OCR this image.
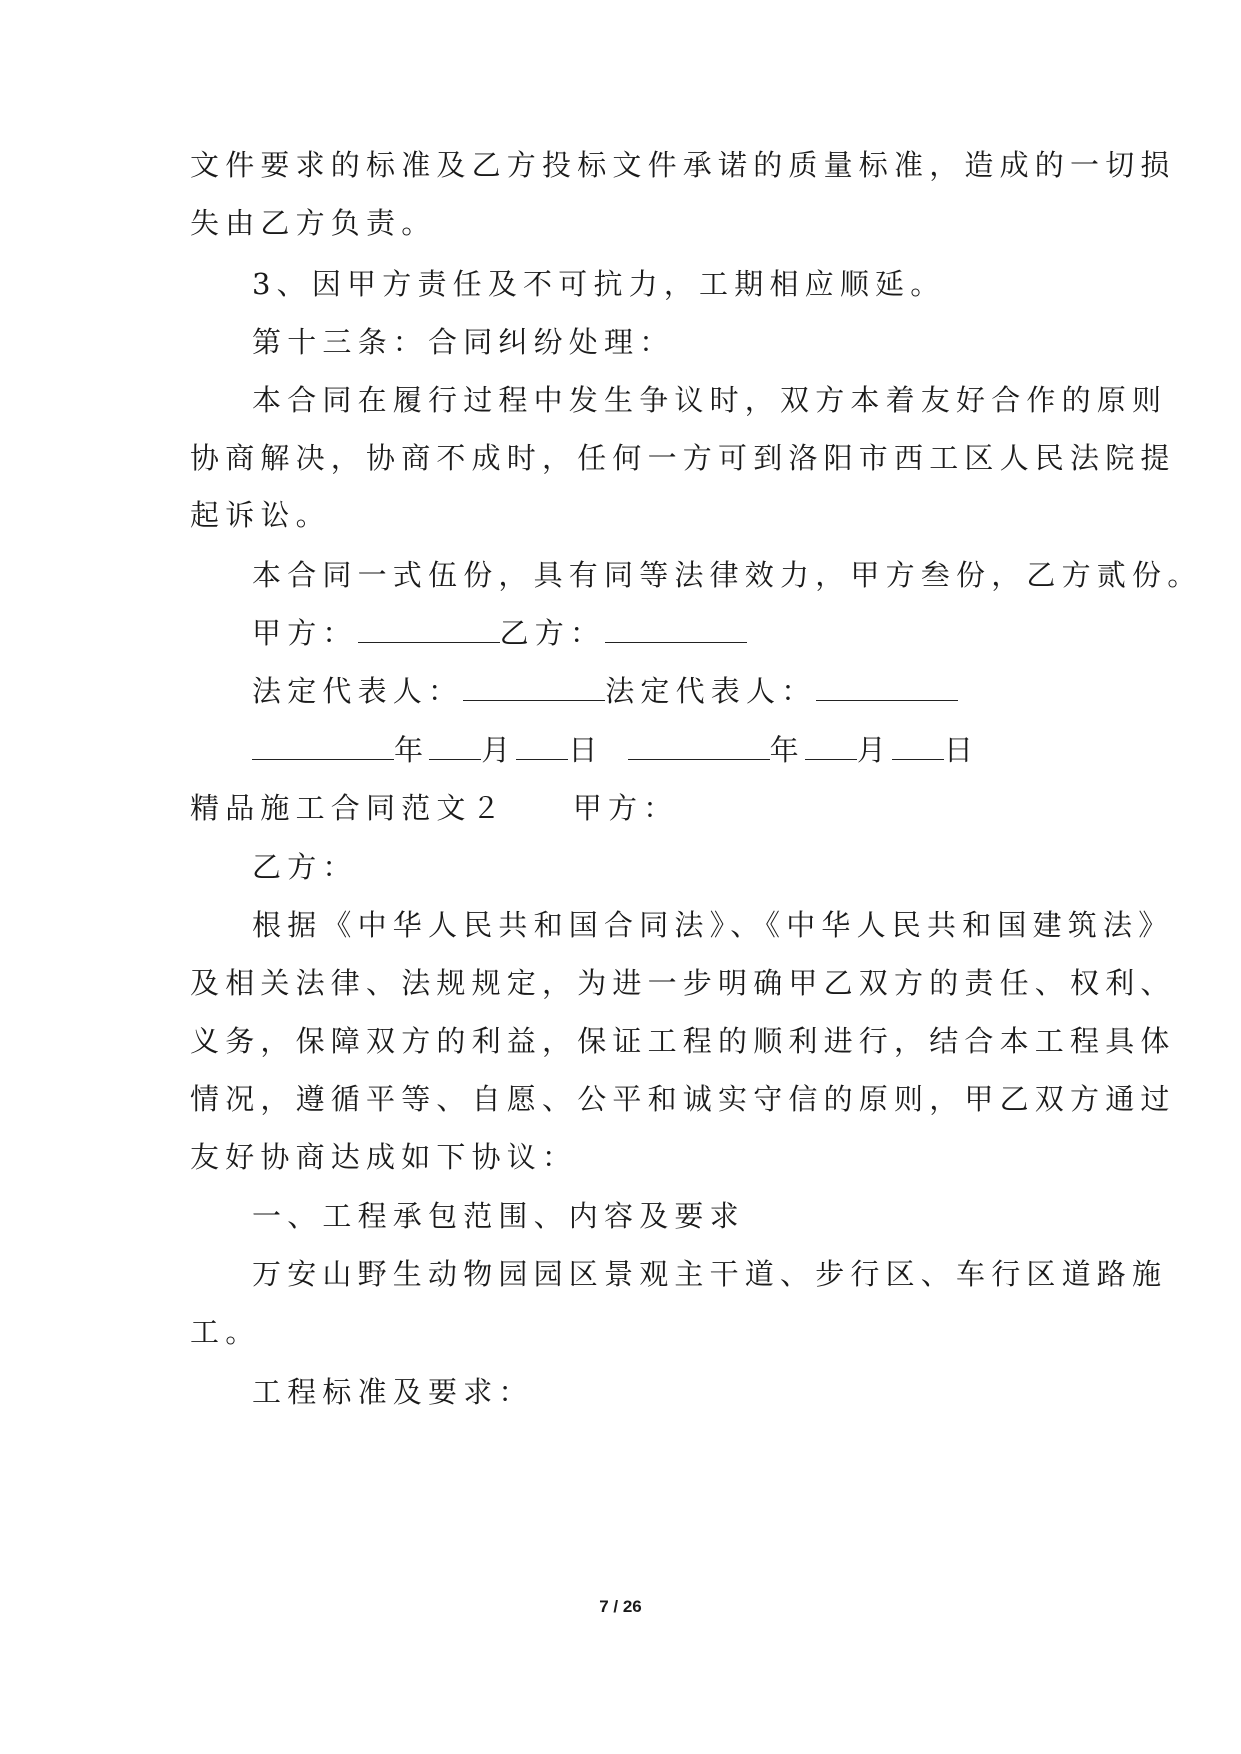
文件要求的标准及乙方投标文件承诺的质量标准，造成的一切损
失由乙方负责。
3、因甲方责任及不可抗力，工期相应顺延。
第十三条：合同纠纷处理：
本合同在履行过程中发生争议时，双方本着友好合作的原则
协商解决，协商不成时，任何一方可到洛阳市西工区人民法院提
起诉讼。
本合同一式伍份，具有同等法律效力，甲方叁份，乙方贰份。
甲方：	乙方：
法定代表人：	法定代表人：
年 月 日	年 月 日
精品施工合同范文２ 甲方：
乙方：
根据《中华人民共和国合同法》、《中华人民共和国建筑法》
及相关法律、法规规定，为进一步明确甲乙双方的责任、权利、
义务，保障双方的利益，保证工程的顺利进行，结合本工程具体
情况，遵循平等、自愿、公平和诚实守信的原则，甲乙双方通过
友好协商达成如下协议：
一、工程承包范围、内容及要求
万安山野生动物园园区景观主干道、步行区、车行区道路施
工。
工程标准及要求：
7 / 26
